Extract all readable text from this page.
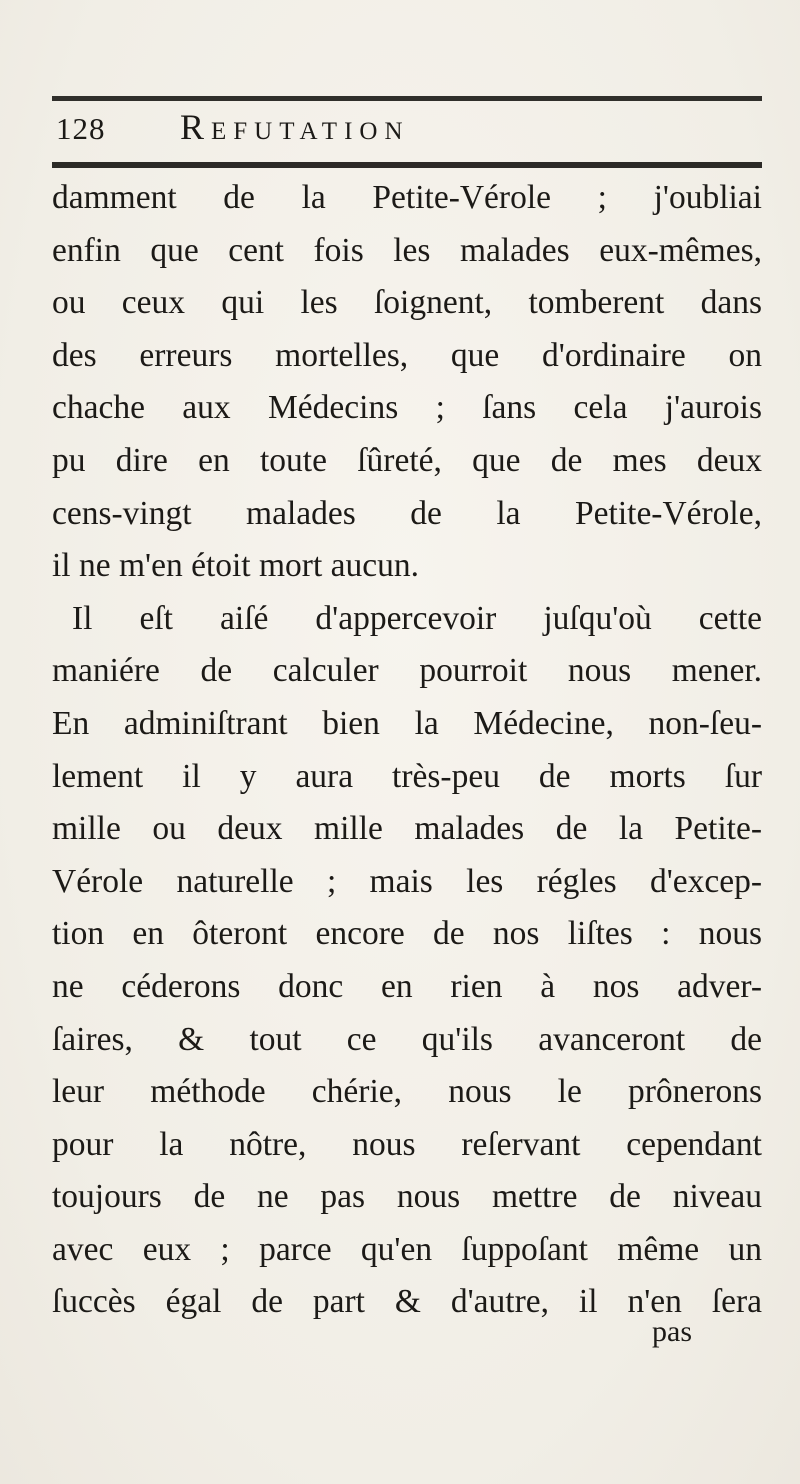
128	Refutation
damment de la Petite-Vérole ; j'oubliai
enfin que cent fois les malades eux-mêmes,
ou ceux qui les ſoignent, tomberent dans
des erreurs mortelles, que d'ordinaire on
chache aux Médecins ; ſans cela j'aurois
pu dire en toute ſûreté, que de mes deux
cens-vingt malades de la Petite-Vérole,
il ne m'en étoit mort aucun.
Il eſt aiſé d'appercevoir juſqu'où cette
maniére de calculer pourroit nous mener.
En adminiſtrant bien la Médecine, non-ſeu-
lement il y aura très-peu de morts ſur
mille ou deux mille malades de la Petite-
Vérole naturelle ; mais les régles d'excep-
tion en ôteront encore de nos liſtes : nous
ne céderons donc en rien à nos adver-
ſaires, & tout ce qu'ils avanceront de
leur méthode chérie, nous le prônerons
pour la nôtre, nous reſervant cependant
toujours de ne pas nous mettre de niveau
avec eux ; parce qu'en ſuppoſant même un
ſuccès égal de part & d'autre, il n'en ſera
pas
